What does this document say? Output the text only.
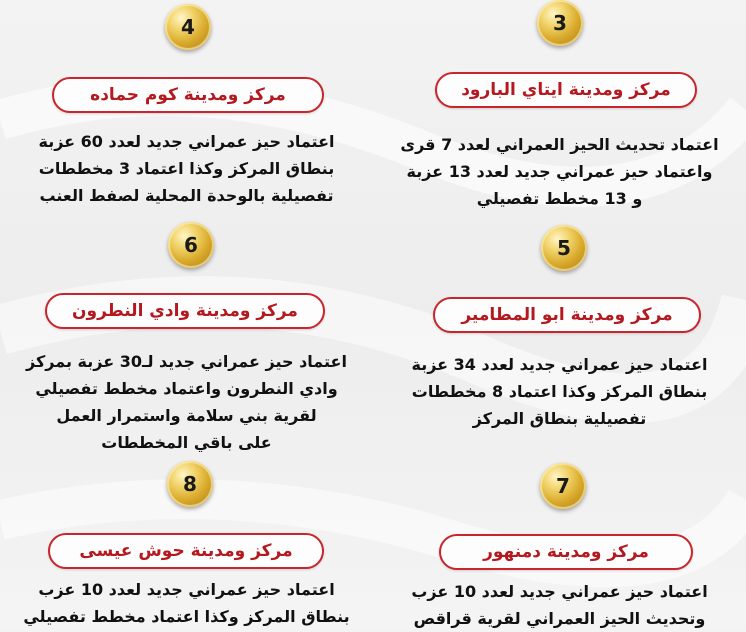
3
مركز ومدينة ايتاي البارود
اعتماد تحديث الحيز العمراني لعدد 7 قرى
واعتماد حيز عمراني جديد لعدد 13 عزبة
و 13 مخطط تفصيلي
4
مركز ومدينة كوم حماده
اعتماد حيز عمراني جديد لعدد 60 عزبة
بنطاق المركز وكذا اعتماد 3 مخططات
تفصيلية بالوحدة المحلية لصفط العنب
5
مركز ومدينة ابو المطامير
اعتماد حيز عمراني جديد لعدد 34 عزبة
بنطاق المركز وكذا اعتماد 8 مخططات
تفصيلية بنطاق المركز
6
مركز ومدينة وادي النطرون
اعتماد حيز عمراني جديد لـ30 عزبة بمركز
وادي النطرون واعتماد مخطط تفصيلي
لقرية بني سلامة واستمرار العمل
على باقي المخططات
7
مركز ومدينة دمنهور
اعتماد حيز عمراني جديد لعدد 10 عزب
وتحديث الحيز العمراني لقرية قراقص
8
مركز ومدينة حوش عيسى
اعتماد حيز عمراني جديد لعدد 10 عزب
بنطاق المركز وكذا اعتماد مخطط تفصيلي
